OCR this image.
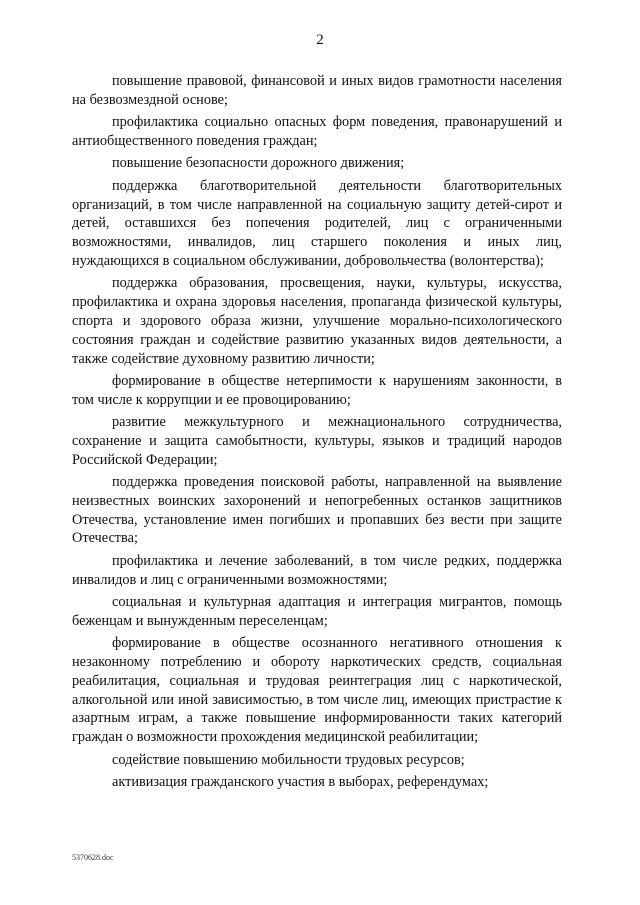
2

повышение правовой, финансовой и иных видов грамотности населения на безвозмездной основе;

профилактика социально опасных форм поведения, правонарушений и антиобщественного поведения граждан;

повышение безопасности дорожного движения;

поддержка благотворительной деятельности благотворительных организаций, в том числе направленной на социальную защиту детей-сирот и детей, оставшихся без попечения родителей, лиц с ограниченными возможностями, инвалидов, лиц старшего поколения и иных лиц, нуждающихся в социальном обслуживании, добровольчества (волонтерства);

поддержка образования, просвещения, науки, культуры, искусства, профилактика и охрана здоровья населения, пропаганда физической культуры, спорта и здорового образа жизни, улучшение морально-психологического состояния граждан и содействие развитию указанных видов деятельности, а также содействие духовному развитию личности;

формирование в обществе нетерпимости к нарушениям законности, в том числе к коррупции и ее провоцированию;

развитие межкультурного и межнационального сотрудничества, сохранение и защита самобытности, культуры, языков и традиций народов Российской Федерации;

поддержка проведения поисковой работы, направленной на выявление неизвестных воинских захоронений и непогребенных останков защитников Отечества, установление имен погибших и пропавших без вести при защите Отечества;

профилактика и лечение заболеваний, в том числе редких, поддержка инвалидов и лиц с ограниченными возможностями;

социальная и культурная адаптация и интеграция мигрантов, помощь беженцам и вынужденным переселенцам;

формирование в обществе осознанного негативного отношения к незаконному потреблению и обороту наркотических средств, социальная реабилитация, социальная и трудовая реинтеграция лиц с наркотической, алкогольной или иной зависимостью, в том числе лиц, имеющих пристрастие к азартным играм, а также повышение информированности таких категорий граждан о возможности прохождения медицинской реабилитации;

содействие повышению мобильности трудовых ресурсов;

активизация гражданского участия в выборах, референдумах;

5370628.doc
